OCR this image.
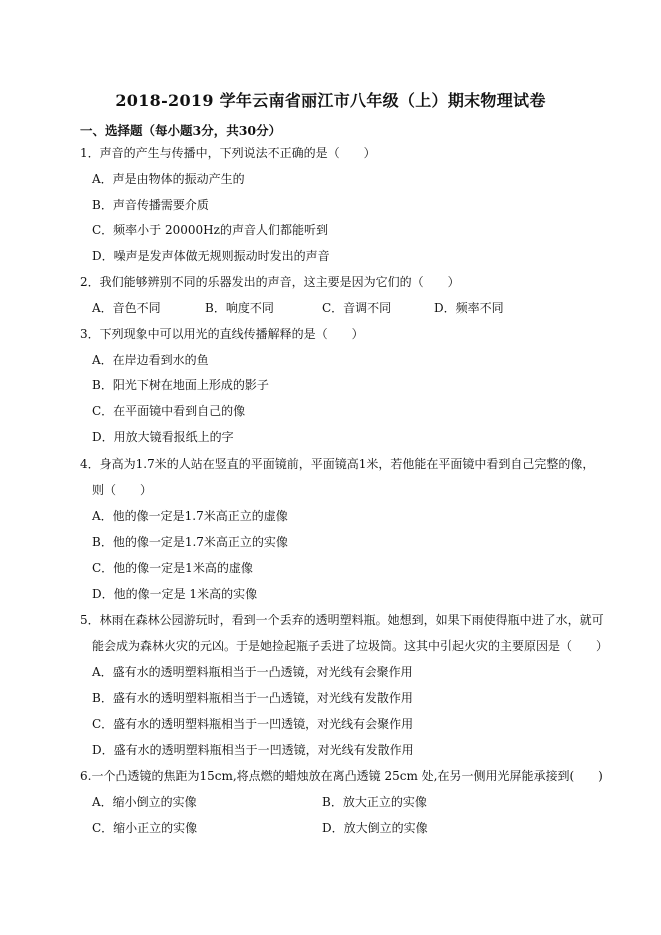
2018-2019 学年云南省丽江市八年级（上）期末物理试卷
一、选择题（每小题3分，共30分）
1．声音的产生与传播中，下列说法不正确的是（　　）
A．声是由物体的振动产生的
B．声音传播需要介质
C．频率小于 20000Hz的声音人们都能听到
D．噪声是发声体做无规则振动时发出的声音
2．我们能够辨别不同的乐器发出的声音，这主要是因为它们的（　　）
A．音色不同	B．响度不同	C．音调不同	D．频率不同
3．下列现象中可以用光的直线传播解释的是（　　）
A．在岸边看到水的鱼
B．阳光下树在地面上形成的影子
C．在平面镜中看到自己的像
D．用放大镜看报纸上的字
4．身高为1.7米的人站在竖直的平面镜前，平面镜高1米，若他能在平面镜中看到自己完整的像，
则（　　）
A．他的像一定是1.7米高正立的虚像
B．他的像一定是1.7米高正立的实像
C．他的像一定是1米高的虚像
D．他的像一定是 1米高的实像
5．林雨在森林公园游玩时，看到一个丢弃的透明塑料瓶。她想到，如果下雨使得瓶中进了水，就可
能会成为森林火灾的元凶。于是她捡起瓶子丢进了垃圾筒。这其中引起火灾的主要原因是（　　）
A．盛有水的透明塑料瓶相当于一凸透镜，对光线有会聚作用
B．盛有水的透明塑料瓶相当于一凸透镜，对光线有发散作用
C．盛有水的透明塑料瓶相当于一凹透镜，对光线有会聚作用
D．盛有水的透明塑料瓶相当于一凹透镜，对光线有发散作用
6.一个凸透镜的焦距为15cm,将点燃的蜡烛放在离凸透镜 25cm 处,在另一侧用光屏能承接到(　　)
A．缩小倒立的实像	B．放大正立的实像
C．缩小正立的实像	D．放大倒立的实像
